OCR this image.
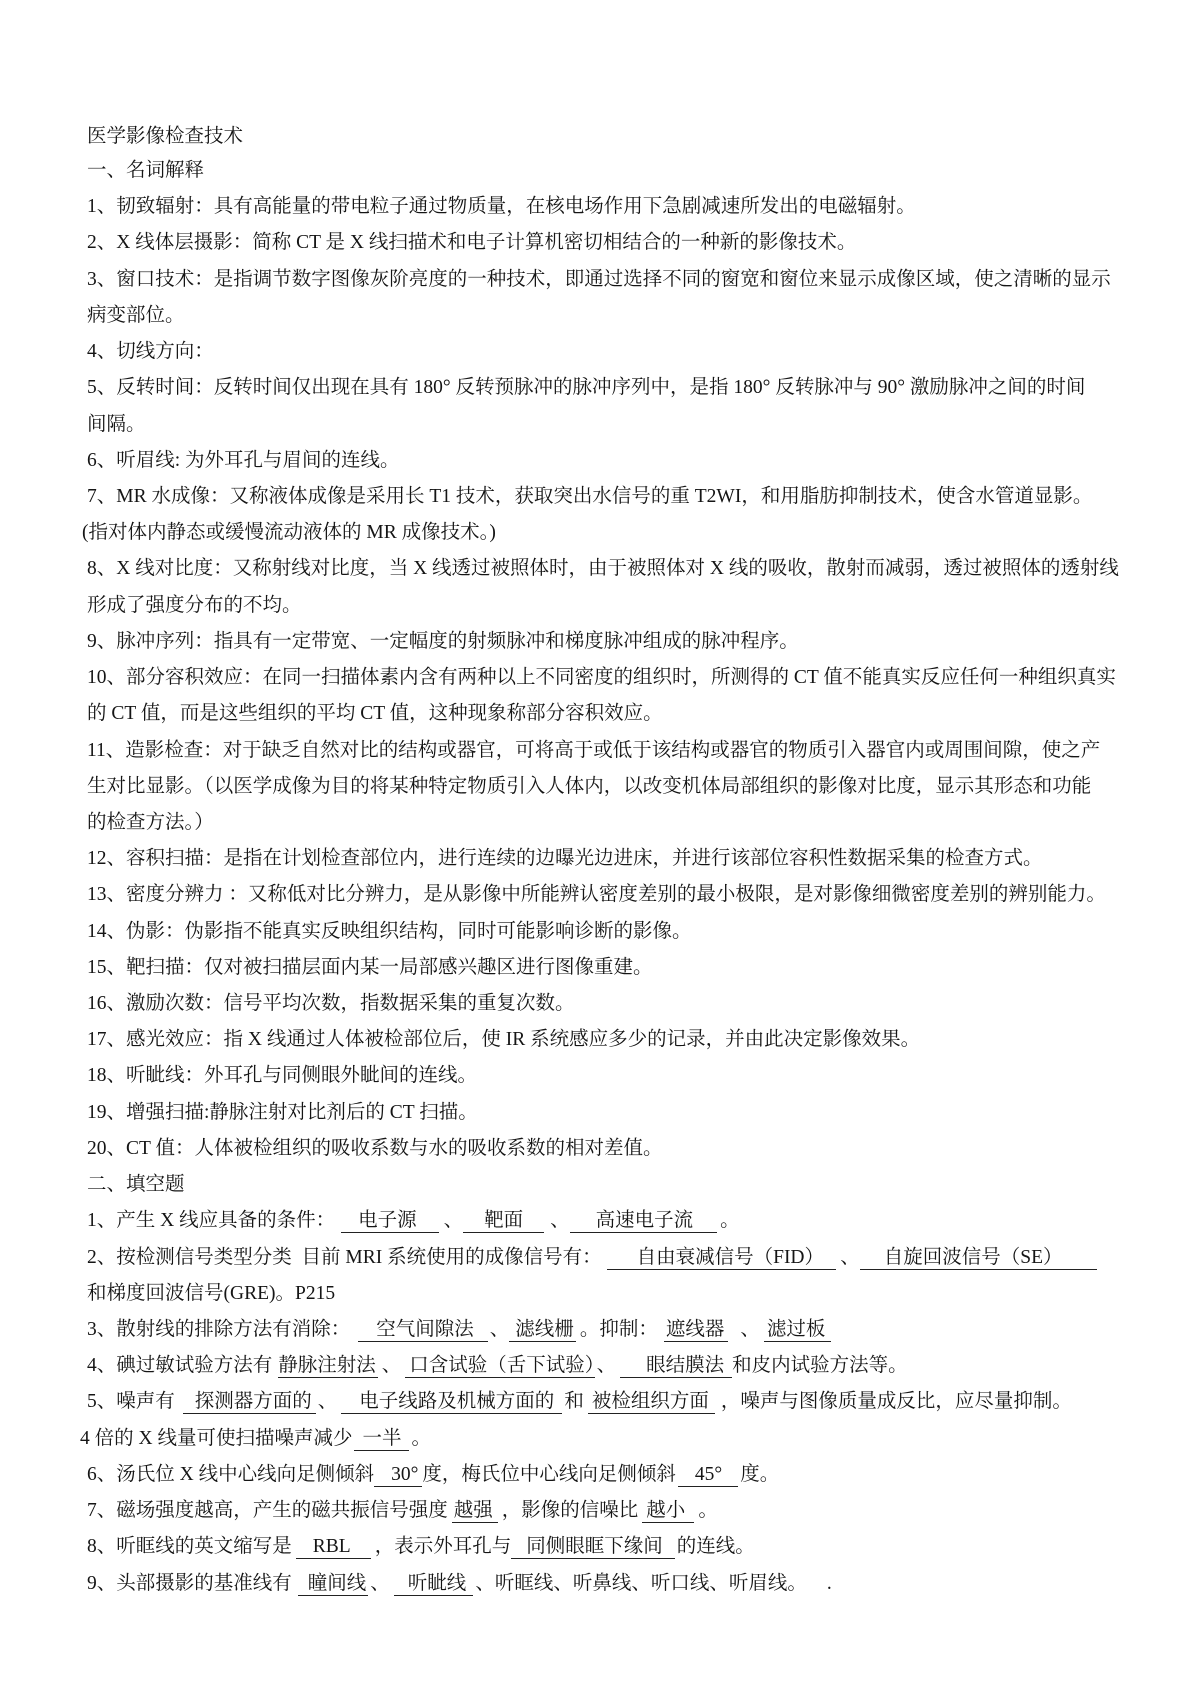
医学影像检查技术
一、名词解释
1、韧致辐射：具有高能量的带电粒子通过物质量，在核电场作用下急剧减速所发出的电磁辐射。
2、X 线体层摄影：简称 CT 是 X 线扫描术和电子计算机密切相结合的一种新的影像技术。
3、窗口技术：是指调节数字图像灰阶亮度的一种技术，即通过选择不同的窗宽和窗位来显示成像区域，使之清晰的显示
病变部位。
4、切线方向：
5、反转时间：反转时间仅出现在具有 180° 反转预脉冲的脉冲序列中，是指 180° 反转脉冲与 90° 激励脉冲之间的时间
间隔。
6、听眉线: 为外耳孔与眉间的连线。
7、MR 水成像：又称液体成像是采用长 T1 技术，获取突出水信号的重 T2WI，和用脂肪抑制技术，使含水管道显影。
(指对体内静态或缓慢流动液体的 MR 成像技术。)
8、X 线对比度：又称射线对比度，当 X 线透过被照体时，由于被照体对 X 线的吸收，散射而减弱，透过被照体的透射线
形成了强度分布的不均。
9、脉冲序列：指具有一定带宽、一定幅度的射频脉冲和梯度脉冲组成的脉冲程序。
10、部分容积效应：在同一扫描体素内含有两种以上不同密度的组织时，所测得的 CT 值不能真实反应任何一种组织真实
的 CT 值，而是这些组织的平均 CT 值，这种现象称部分容积效应。
11、造影检查：对于缺乏自然对比的结构或器官，可将高于或低于该结构或器官的物质引入器官内或周围间隙，使之产
生对比显影。（以医学成像为目的将某种特定物质引入人体内，以改变机体局部组织的影像对比度，显示其形态和功能
的检查方法。）
12、容积扫描：是指在计划检查部位内，进行连续的边曝光边进床，并进行该部位容积性数据采集的检查方式。
13、密度分辨力 ：又称低对比分辨力，是从影像中所能辨认密度差别的最小极限，是对影像细微密度差别的辨别能力。
14、伪影：伪影指不能真实反映组织结构，同时可能影响诊断的影像。
15、靶扫描：仅对被扫描层面内某一局部感兴趣区进行图像重建。
16、激励次数：信号平均次数，指数据采集的重复次数。
17、感光效应：指 X 线通过人体被检部位后，使 IR 系统感应多少的记录，并由此决定影像效果。
18、听眦线：外耳孔与同侧眼外眦间的连线。
19、增强扫描:静脉注射对比剂后的 CT 扫描。
20、CT 值：人体被检组织的吸收系数与水的吸收系数的相对差值。
二、填空题
1、产生 X 线应具备的条件： 电子源 、 靶面 、 高速电子流 。
2、按检测信号类型分类  目前 MRI 系统使用的成像信号有： 自由衰减信号（FID） 、 自旋回波信号（SE）
和梯度回波信号(GRE)。P215
3、散射线的排除方法有消除： 空气间隙法 、 滤线栅 。抑制： 遮线器 、 滤过板
4、碘过敏试验方法有 静脉注射法 、 口含试验（舌下试验） 、 眼结膜法 和皮内试验方法等。
5、噪声有 探测器方面的 、 电子线路及机械方面的 和 被检组织方面 ，噪声与图像质量成反比，应尽量抑制。
4 倍的 X 线量可使扫描噪声减少 一半 。
6、汤氏位 X 线中心线向足侧倾斜 30° 度，梅氏位中心线向足侧倾斜 45° 度。
7、磁场强度越高，产生的磁共振信号强度 越强 ，影像的信噪比 越小 。
8、听眶线的英文缩写是 RBL ，表示外耳孔与 同侧眼眶下缘间 的连线。
9、头部摄影的基准线有 瞳间线 、 听眦线 、听眶线、听鼻线、听口线、听眉线。 .
